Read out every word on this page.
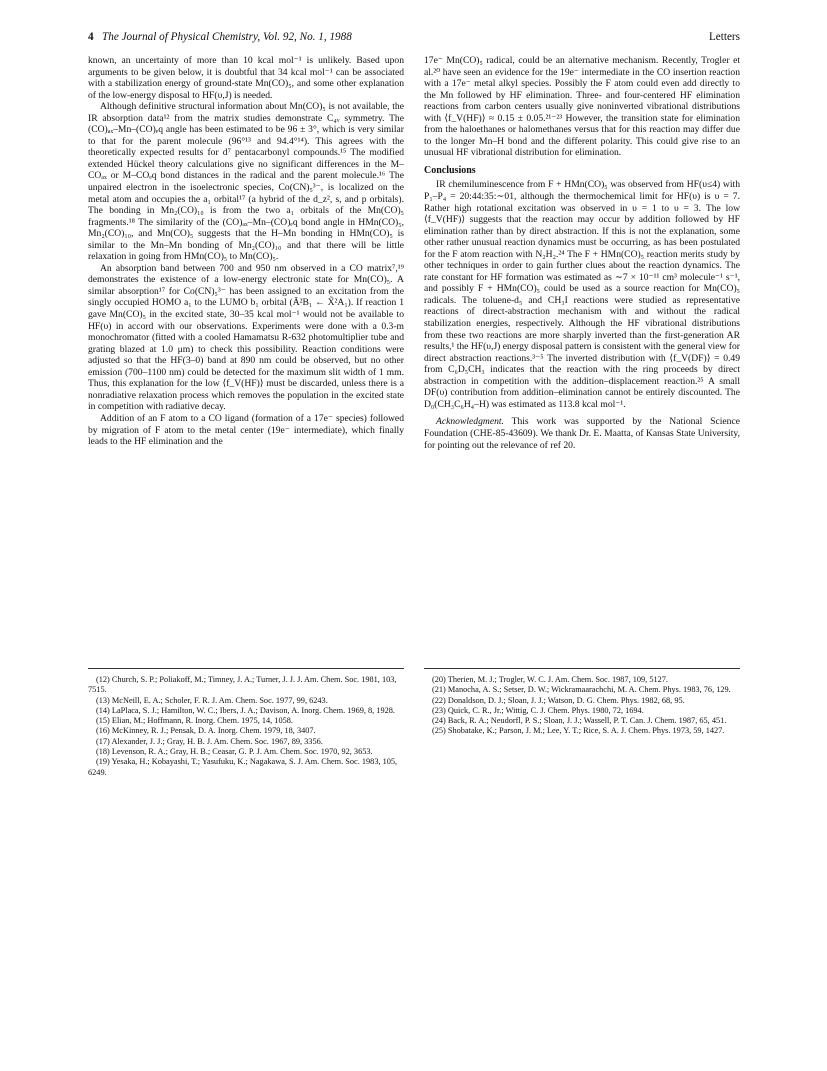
4 The Journal of Physical Chemistry, Vol. 92, No. 1, 1988	Letters

known, an uncertainty of more than 10 kcal mol⁻¹ is unlikely. Based upon arguments to be given below, it is doubtful that 34 kcal mol⁻¹ can be associated with a stabilization energy of ground-state Mn(CO)₅, and some other explanation of the low-energy disposal to HF(υ,J) is needed.

Although definitive structural information about Mn(CO)₅ is not available, the IR absorption data¹² from the matrix studies demonstrate C₄ᵥ symmetry. The (CO)ₐₓ–Mn–(CO)ₑq angle has been estimated to be 96 ± 3°, which is very similar to that for the parent molecule (96°¹³ and 94.4°¹⁴). This agrees with the theoretically expected results for d⁷ pentacarbonyl compounds.¹⁵ The modified extended Hückel theory calculations give no significant differences in the M–COₐₓ or M–COₑq bond distances in the radical and the parent molecule.¹⁶ The unpaired electron in the isoelectronic species, Co(CN)₅³⁻, is localized on the metal atom and occupies the a₁ orbital¹⁷ (a hybrid of the d_z², s, and p orbitals). The bonding in Mn₂(CO)₁₀ is from the two a₁ orbitals of the Mn(CO)₅ fragments.¹⁸ The similarity of the (CO)ₐₓ–Mn–(CO)ₑq bond angle in HMn(CO)₅, Mn₂(CO)₁₀, and Mn(CO)₅ suggests that the H–Mn bonding in HMn(CO)₅ is similar to the Mn–Mn bonding of Mn₂(CO)₁₀ and that there will be little relaxation in going from HMn(CO)₅ to Mn(CO)₅.

An absorption band between 700 and 950 nm observed in a CO matrix⁷,¹⁹ demonstrates the existence of a low-energy electronic state for Mn(CO)₅. A similar absorption¹⁷ for Co(CN)₅³⁻ has been assigned to an excitation from the singly occupied HOMO a₁ to the LUMO b₁ orbital (Ã²B₁ ← X̃²A₁). If reaction 1 gave Mn(CO)₅ in the excited state, 30–35 kcal mol⁻¹ would not be available to HF(υ) in accord with our observations. Experiments were done with a 0.3-m monochromator (fitted with a cooled Hamamatsu R-632 photomultiplier tube and grating blazed at 1.0 μm) to check this possibility. Reaction conditions were adjusted so that the HF(3–0) band at 890 nm could be observed, but no other emission (700–1100 nm) could be detected for the maximum slit width of 1 mm. Thus, this explanation for the low ⟨f_V(HF)⟩ must be discarded, unless there is a nonradiative relaxation process which removes the population in the excited state in competition with radiative decay.

Addition of an F atom to a CO ligand (formation of a 17e⁻ species) followed by migration of F atom to the metal center (19e⁻ intermediate), which finally leads to the HF elimination and the

17e⁻ Mn(CO)₅ radical, could be an alternative mechanism. Recently, Trogler et al.²⁰ have seen an evidence for the 19e⁻ intermediate in the CO insertion reaction with a 17e⁻ metal alkyl species. Possibly the F atom could even add directly to the Mn followed by HF elimination. Three- and four-centered HF elimination reactions from carbon centers usually give noninverted vibrational distributions with ⟨f_V(HF)⟩ ≈ 0.15 ± 0.05.²¹⁻²³ However, the transition state for elimination from the haloethanes or halomethanes versus that for this reaction may differ due to the longer Mn–H bond and the different polarity. This could give rise to an unusual HF vibrational distribution for elimination.

Conclusions

IR chemiluminescence from F + HMn(CO)₅ was observed from HF(υ≤4) with P₁–P₄ = 20:44:35:∼01, although the thermochemical limit for HF(υ) is υ = 7. Rather high rotational excitation was observed in υ = 1 to υ = 3. The low ⟨f_V(HF)⟩ suggests that the reaction may occur by addition followed by HF elimination rather than by direct abstraction. If this is not the explanation, some other rather unusual reaction dynamics must be occurring, as has been postulated for the F atom reaction with N₂H₂.²⁴ The F + HMn(CO)₅ reaction merits study by other techniques in order to gain further clues about the reaction dynamics. The rate constant for HF formation was estimated as ∼7 × 10⁻¹¹ cm³ molecule⁻¹ s⁻¹, and possibly F + HMn(CO)₅ could be used as a source reaction for Mn(CO)₅ radicals. The toluene-d₅ and CH₃I reactions were studied as representative reactions of direct-abstraction mechanism with and without the radical stabilization energies, respectively. Although the HF vibrational distributions from these two reactions are more sharply inverted than the first-generation AR results,¹ the HF(υ,J) energy disposal pattern is consistent with the general view for direct abstraction reactions.³⁻⁵ The inverted distribution with ⟨f_V(DF)⟩ = 0.49 from C₆D₅CH₃ indicates that the reaction with the ring proceeds by direct abstraction in competition with the addition–displacement reaction.²⁵ A small DF(υ) contribution from addition–elimination cannot be entirely discounted. The D₀(CH₃C₆H₄–H) was estimated as 113.8 kcal mol⁻¹.

Acknowledgment. This work was supported by the National Science Foundation (CHE-85-43609). We thank Dr. E. Maatta, of Kansas State University, for pointing out the relevance of ref 20.

(12) Church, S. P.; Poliakoff, M.; Timney, J. A.; Turner, J. J. J. Am. Chem. Soc. 1981, 103, 7515.
(13) McNeill, E. A.; Scholer, F. R. J. Am. Chem. Soc. 1977, 99, 6243.
(14) LaPlaca, S. J.; Hamilton, W. C.; Ibers, J. A.; Davison, A. Inorg. Chem. 1969, 8, 1928.
(15) Elian, M.; Hoffmann, R. Inorg. Chem. 1975, 14, 1058.
(16) McKinney, R. J.; Pensak, D. A. Inorg. Chem. 1979, 18, 3407.
(17) Alexander, J. J.; Gray, H. B. J. Am. Chem. Soc. 1967, 89, 3356.
(18) Levenson, R. A.; Gray, H. B.; Ceasar, G. P. J. Am. Chem. Soc. 1970, 92, 3653.
(19) Yesaka, H.; Kobayashi, T.; Yasufuku, K.; Nagakawa, S. J. Am. Chem. Soc. 1983, 105, 6249.
(20) Therien, M. J.; Trogler, W. C. J. Am. Chem. Soc. 1987, 109, 5127.
(21) Manocha, A. S.; Setser, D. W.; Wickramaarachchi, M. A. Chem. Phys. 1983, 76, 129.
(22) Donaldson, D. J.; Sloan, J. J.; Watson, D. G. Chem. Phys. 1982, 68, 95.
(23) Quick, C. R., Jr.; Wittig, C. J. Chem. Phys. 1980, 72, 1694.
(24) Back, R. A.; Neudorfl, P. S.; Sloan, J. J.; Wassell, P. T. Can. J. Chem. 1987, 65, 451.
(25) Shobatake, K.; Parson, J. M.; Lee, Y. T.; Rice, S. A. J. Chem. Phys. 1973, 59, 1427.
